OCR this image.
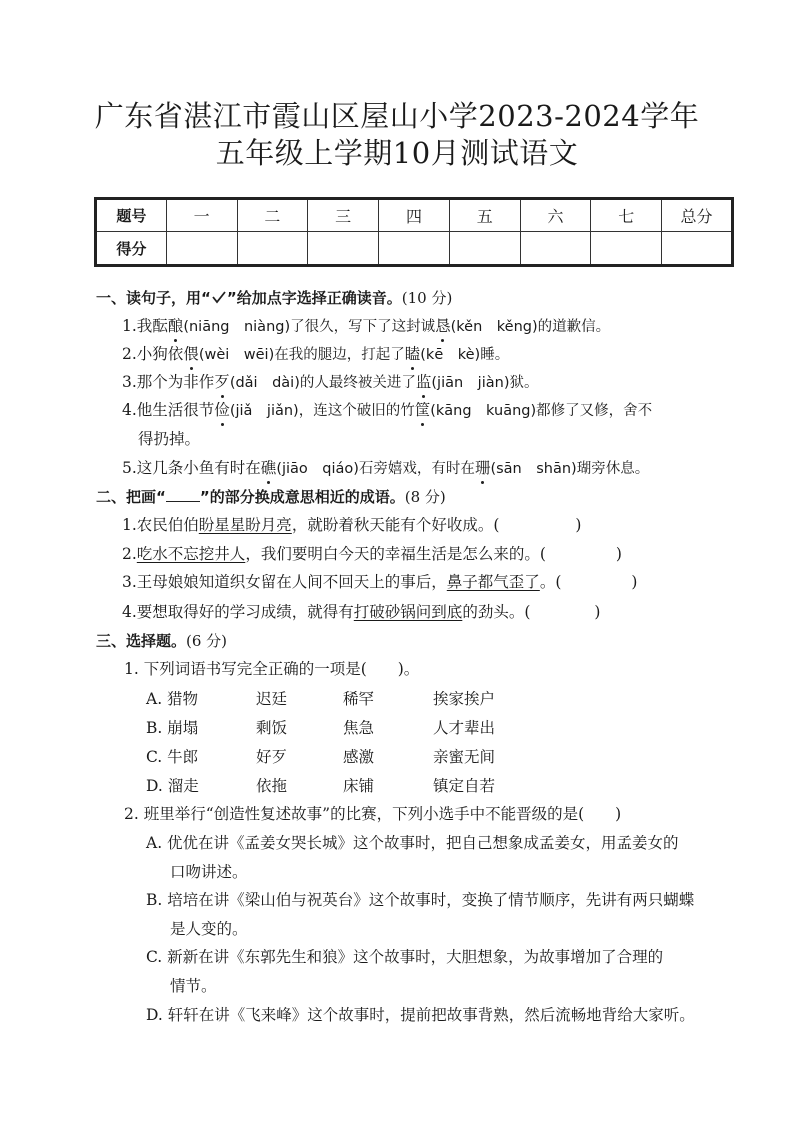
广东省湛江市霞山区屋山小学2023-2024学年
五年级上学期10月测试语文
题号	一	二	三	四	五	六	七	总分
得分								
一、读句子，用“ ”给加点字选择正确读音。(10 分)
1.我酝酿(niāng　niàng)了很久，写下了这封诚恳(kěn　kěng)的道歉信。
2.小狗依偎(wèi　wēi)在我的腿边，打起了瞌(kē　kè)睡。
3.那个为非作歹(dǎi　dài)的人最终被关进了监(jiān　jiàn)狱。
4.他生活很节俭(jiǎ　jiǎn)，连这个破旧的竹筐(kāng　kuāng)都修了又修，舍不
得扔掉。
5.这几条小鱼有时在礁(jiāo　qiáo)石旁嬉戏，有时在珊(sān　shān)瑚旁休息。
二、把画“ ”的部分换成意思相近的成语。(8 分)
1.农民伯伯盼星星盼月亮，就盼着秋天能有个好收成。(	)
2.吃水不忘挖井人，我们要明白今天的幸福生活是怎么来的。(	)
3.王母娘娘知道织女留在人间不回天上的事后，鼻子都气歪了。(	)
4.要想取得好的学习成绩，就得有打破砂锅问到底的劲头。(	)
三、选择题。(6 分)
1. 下列词语书写完全正确的一项是(　　)。
A. 猎物	迟廷	稀罕	挨家挨户
B. 崩塌	剩饭	焦急	人才辈出
C. 牛郎	好歹	感激	亲蜜无间
D. 溜走	依拖	床铺	镇定自若
2. 班里举行“创造性复述故事”的比赛，下列小选手中不能晋级的是(　　)
A. 优优在讲《孟姜女哭长城》这个故事时，把自己想象成孟姜女，用孟姜女的
口吻讲述。
B. 培培在讲《梁山伯与祝英台》这个故事时，变换了情节顺序，先讲有两只蝴蝶
是人变的。
C. 新新在讲《东郭先生和狼》这个故事时，大胆想象，为故事增加了合理的
情节。
D. 轩轩在讲《飞来峰》这个故事时，提前把故事背熟，然后流畅地背给大家听。
